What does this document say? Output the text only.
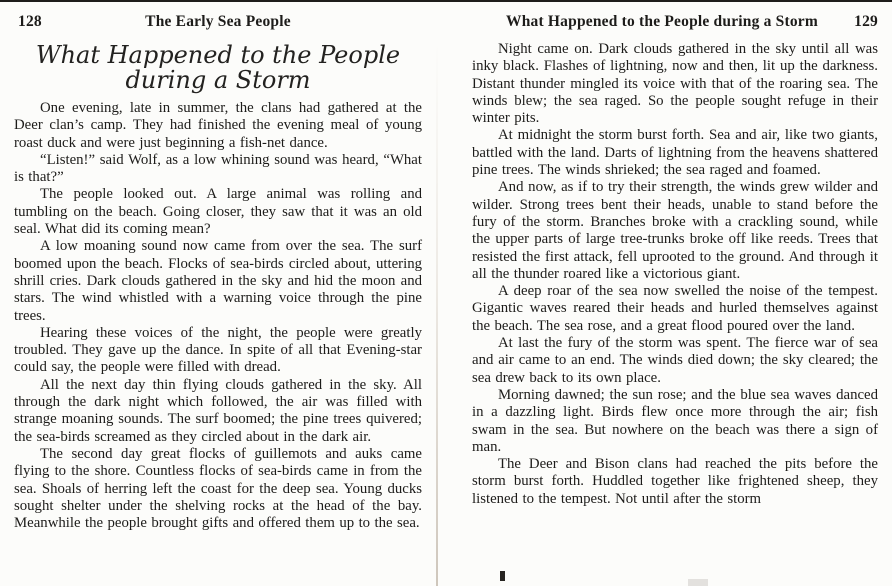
128	The Early Sea People
What Happened to the People
during a Storm

One evening, late in summer, the clans had gathered at the Deer clan’s camp. They had finished the evening meal of young roast duck and were just beginning a fish-net dance.

“Listen!” said Wolf, as a low whining sound was heard, “What is that?”

The people looked out. A large animal was rolling and tumbling on the beach. Going closer, they saw that it was an old seal. What did its coming mean?

A low moaning sound now came from over the sea. The surf boomed upon the beach. Flocks of sea-birds circled about, uttering shrill cries. Dark clouds gathered in the sky and hid the moon and stars. The wind whistled with a warning voice through the pine trees.

Hearing these voices of the night, the people were greatly troubled. They gave up the dance. In spite of all that Evening-star could say, the people were filled with dread.

All the next day thin flying clouds gathered in the sky. All through the dark night which followed, the air was filled with strange moaning sounds. The surf boomed; the pine trees quivered; the sea-birds screamed as they circled about in the dark air.

The second day great flocks of guillemots and auks came flying to the shore. Countless flocks of sea-birds came in from the sea. Shoals of herring left the coast for the deep sea. Young ducks sought shelter under the shelving rocks at the head of the bay. Meanwhile the people brought gifts and offered them up to the sea.

What Happened to the People during a Storm 129

Night came on. Dark clouds gathered in the sky until all was inky black. Flashes of lightning, now and then, lit up the darkness. Distant thunder mingled its voice with that of the roaring sea. The winds blew; the sea raged. So the people sought refuge in their winter pits.

At midnight the storm burst forth. Sea and air, like two giants, battled with the land. Darts of lightning from the heavens shattered pine trees. The winds shrieked; the sea raged and foamed.

And now, as if to try their strength, the winds grew wilder and wilder. Strong trees bent their heads, unable to stand before the fury of the storm. Branches broke with a crackling sound, while the upper parts of large tree-trunks broke off like reeds. Trees that resisted the first attack, fell uprooted to the ground. And through it all the thunder roared like a victorious giant.

A deep roar of the sea now swelled the noise of the tempest. Gigantic waves reared their heads and hurled themselves against the beach. The sea rose, and a great flood poured over the land.

At last the fury of the storm was spent. The fierce war of sea and air came to an end. The winds died down; the sky cleared; the sea drew back to its own place.

Morning dawned; the sun rose; and the blue sea waves danced in a dazzling light. Birds flew once more through the air; fish swam in the sea. But nowhere on the beach was there a sign of man.

The Deer and Bison clans had reached the pits before the storm burst forth. Huddled together like frightened sheep, they listened to the tempest. Not until after the storm
